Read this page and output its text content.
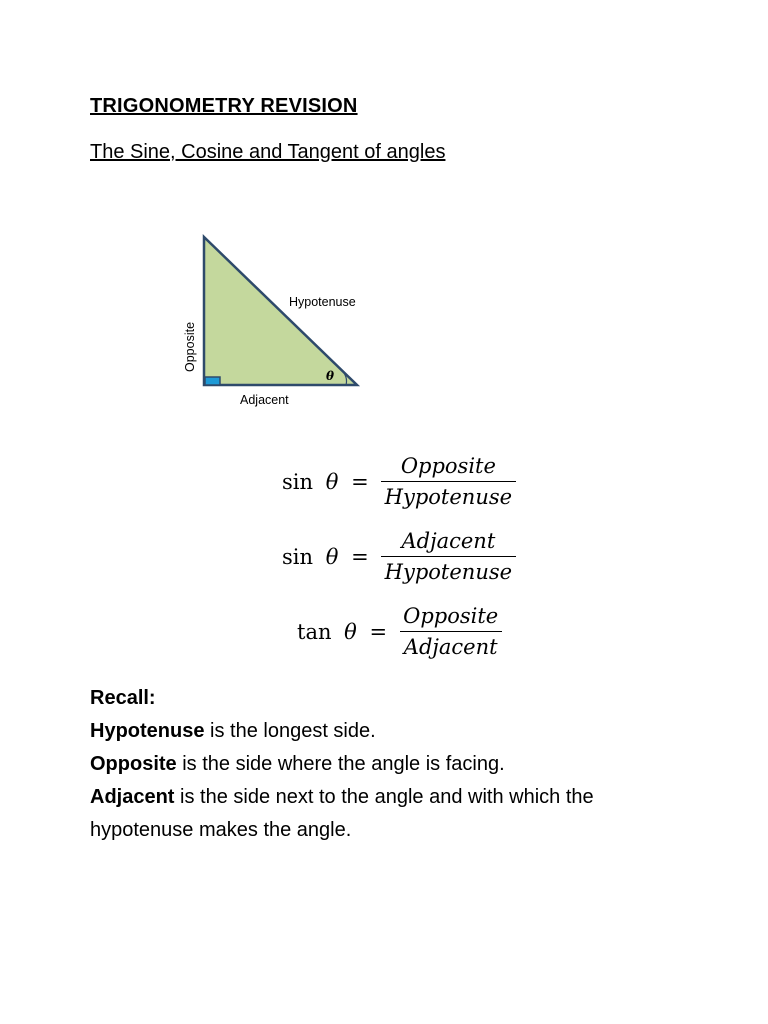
TRIGONOMETRY REVISION
The Sine, Cosine and Tangent of angles
θ
Hypotenuse
Adjacent
Opposite
$\sin \theta = \frac{\text{Opposite}}{\text{Hypotenuse}}$
$\sin \theta = \frac{\text{Adjacent}}{\text{Hypotenuse}}$
$\tan \theta = \frac{\text{Opposite}}{\text{Adjacent}}$
Recall:
Hypotenuse is the longest side.
Opposite is the side where the angle is facing.
Adjacent is the side next to the angle and with which the
hypotenuse makes the angle.
